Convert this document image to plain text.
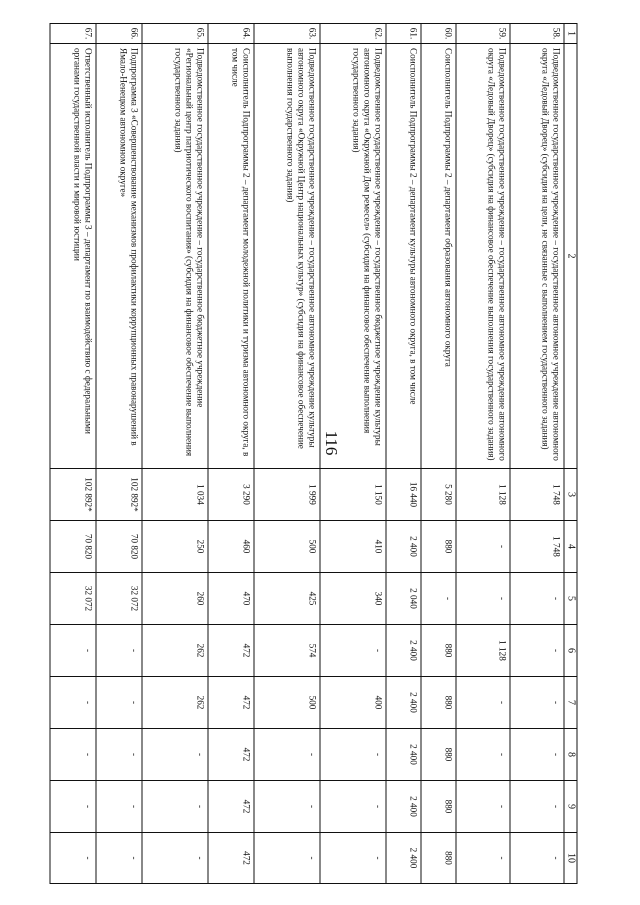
116
1	2	3	4	5	6	7	8	9	10
58.	Подведомственное государственное учреждение – государственное автономное учреждение автономного округа «Ледовый Дворец» (субсидия на цели, не связанные с выполнением государственного задания)	1 748	1 748	-	-	-	-	-	-
59.	Подведомственное государственное учреждение – государственное автономное учреждение автономного округа «Ледовый Дворец» (субсидия на финансовое обеспечение выполнения государственного задания)	1 128	-	-	1 128	-	-	-	-
60.	Соисполнитель Подпрограммы 2 – департамент образования автономного округа	5 280	880	-	880	880	880	880	880
61.	Соисполнитель Подпрограммы 2 – департамент культуры автономного округа, в том числе	16 440	2 400	2 040	2 400	2 400	2 400	2 400	2 400
62.	Подведомственное государственное учреждение – государственное бюджетное учреждение культуры автономного округа «Окружной Дом ремесел» (субсидия на финансовое обеспечение выполнения государственного задания)	1 150	410	340	-	400	-	-	-
63.	Подведомственное государственное учреждение – государственное автономное учреждение культуры автономного округа «Окружной Центр национальных культур» (субсидия на финансовое обеспечение выполнения государственного задания)	1 999	500	425	574	500	-	-	-
64.	Соисполнитель Подпрограммы 2 – департамент молодежной политики и туризма автономного округа, в том числе	3 290	460	470	472	472	472	472	472
65.	Подведомственное государственное учреждение – государственное бюджетное учреждение «Региональный центр патриотического воспитания» (субсидия на финансовое обеспечение выполнения государственного задания)	1 034	250	260	262	262	-	-	-
66.	Подпрограмма 3 «Совершенствование механизмов профилактики коррупционных правонарушений в Ямало-Ненецком автономном округе»	102 892*	70 820	32 072	-	-	-	-	-
67.	Ответственный исполнитель Подпрограммы 3 – департамент по взаимодействию с федеральными органами государственной власти и мировой юстиции	102 892*	70 820	32 072	-	-	-	-	-
